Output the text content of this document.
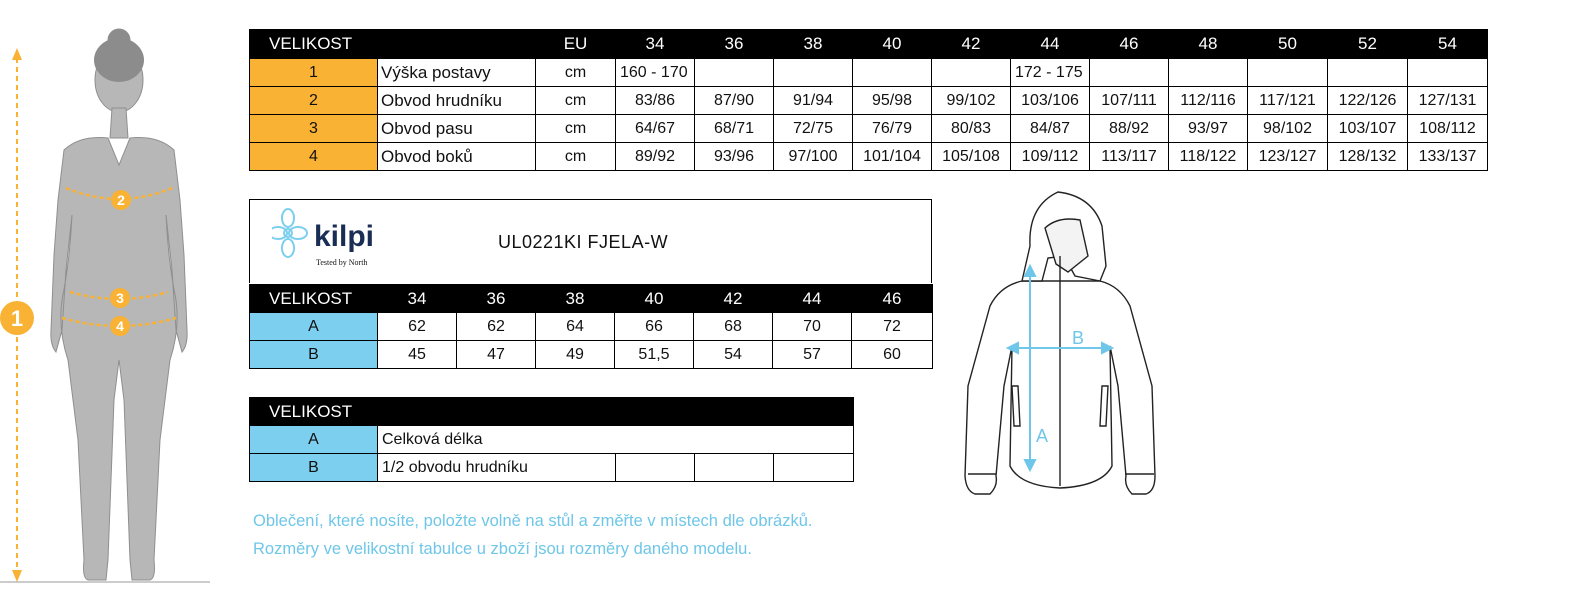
1
2
3
4
VELIKOST		EU	34	36	38	40	42	44	46	48	50	52	54
1	Výška postavy	cm	160 - 170					172 - 175					
2	Obvod hrudníku	cm	83/86	87/90	91/94	95/98	99/102	103/106	107/111	112/116	117/121	122/126	127/131
3	Obvod pasu	cm	64/67	68/71	72/75	76/79	80/83	84/87	88/92	93/97	98/102	103/107	108/112
4	Obvod boků	cm	89/92	93/96	97/100	101/104	105/108	109/112	113/117	118/122	123/127	128/132	133/137
kilpi
Tested by North
UL0221KI FJELA-W
VELIKOST	34	36	38	40	42	44	46
A	62	62	64	66	68	70	72
B	45	47	49	51,5	54	57	60
VELIKOST				
A	Celková délka			
B	1/2 obvodu hrudníku			
Oblečení, které nosíte, položte volně na stůl a změřte v místech dle obrázků.
Rozměry ve velikostní tabulce u zboží jsou rozměry daného modelu.
A
B
